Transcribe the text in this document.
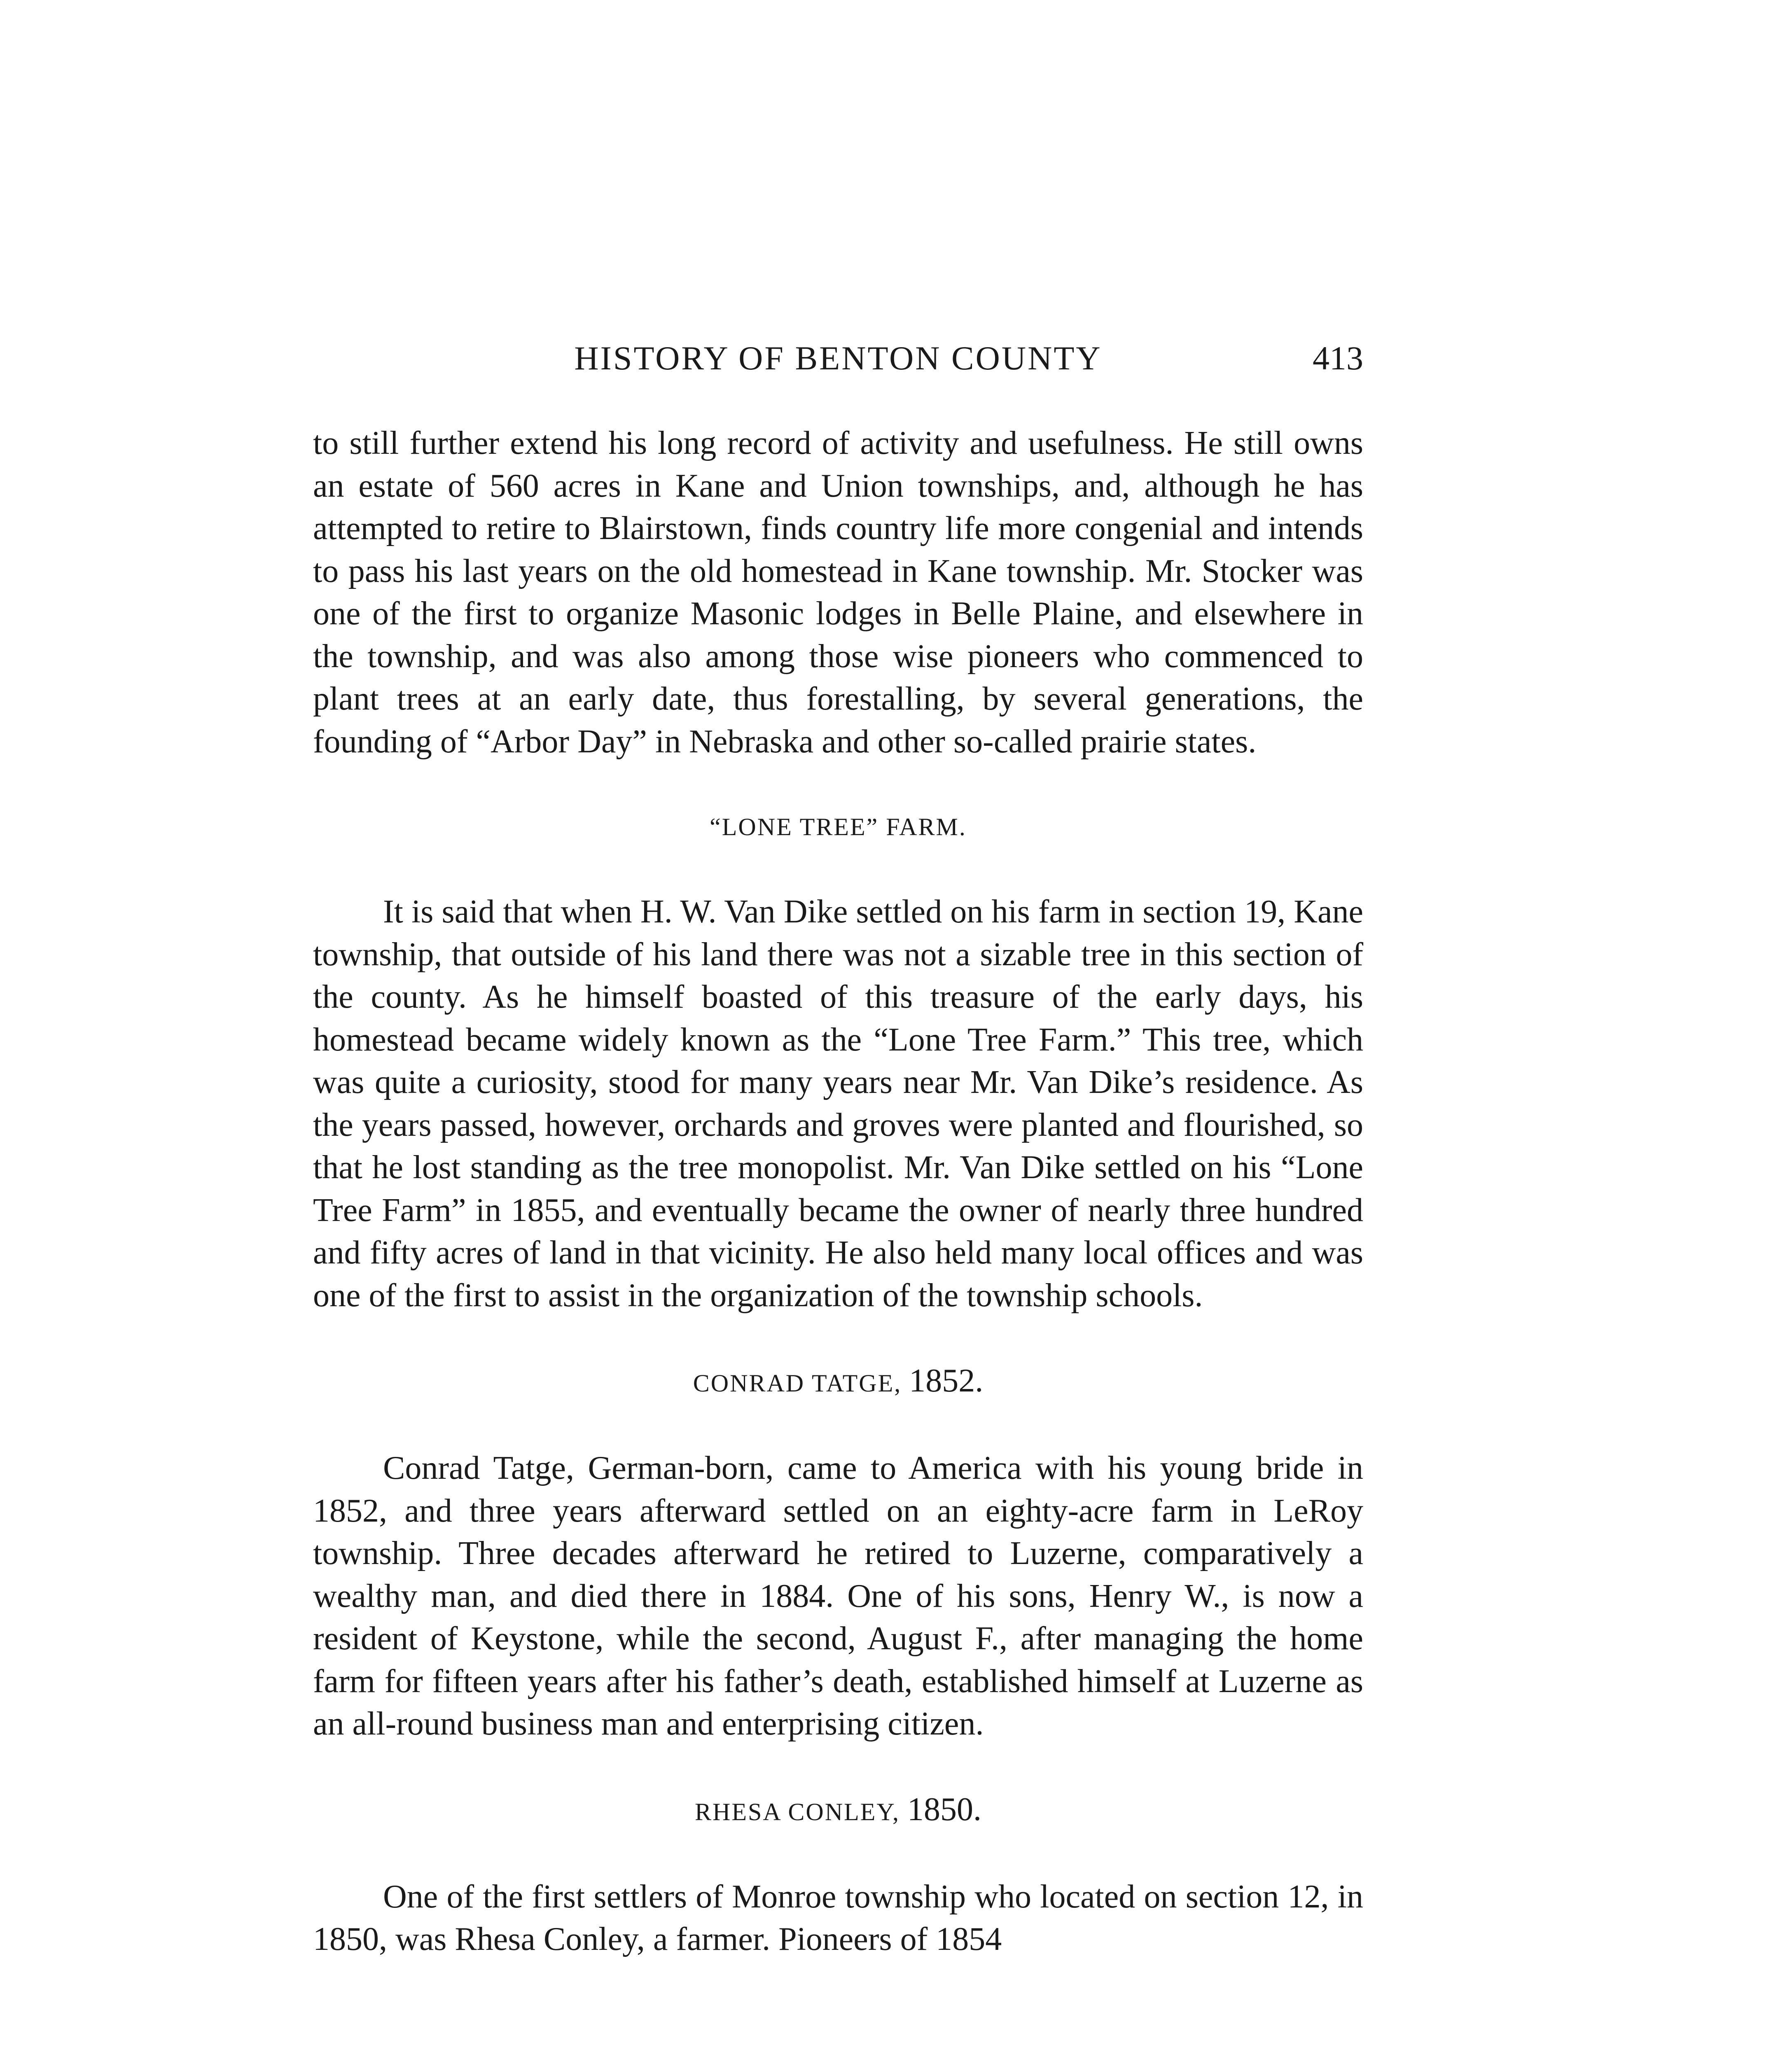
HISTORY OF BENTON COUNTY	413

to still further extend his long record of activity and usefulness. He still owns an estate of 560 acres in Kane and Union townships, and, although he has attempted to retire to Blairstown, finds country life more congenial and intends to pass his last years on the old homestead in Kane township. Mr. Stocker was one of the first to organize Masonic lodges in Belle Plaine, and elsewhere in the township, and was also among those wise pioneers who commenced to plant trees at an early date, thus forestalling, by several generations, the founding of “Arbor Day” in Nebraska and other so-called prairie states.

“LONE TREE” FARM.

It is said that when H. W. Van Dike settled on his farm in section 19, Kane township, that outside of his land there was not a sizable tree in this section of the county. As he himself boasted of this treasure of the early days, his homestead became widely known as the “Lone Tree Farm.” This tree, which was quite a curiosity, stood for many years near Mr. Van Dike’s residence. As the years passed, however, orchards and groves were planted and flourished, so that he lost standing as the tree monopolist. Mr. Van Dike settled on his “Lone Tree Farm” in 1855, and eventually became the owner of nearly three hundred and fifty acres of land in that vicinity. He also held many local offices and was one of the first to assist in the organization of the township schools.

CONRAD TATGE, 1852.

Conrad Tatge, German-born, came to America with his young bride in 1852, and three years afterward settled on an eighty-acre farm in LeRoy township. Three decades afterward he retired to Luzerne, comparatively a wealthy man, and died there in 1884. One of his sons, Henry W., is now a resident of Keystone, while the second, August F., after managing the home farm for fifteen years after his father’s death, established himself at Luzerne as an all-round business man and enterprising citizen.

RHESA CONLEY, 1850.

One of the first settlers of Monroe township who located on section 12, in 1850, was Rhesa Conley, a farmer. Pioneers of 1854
